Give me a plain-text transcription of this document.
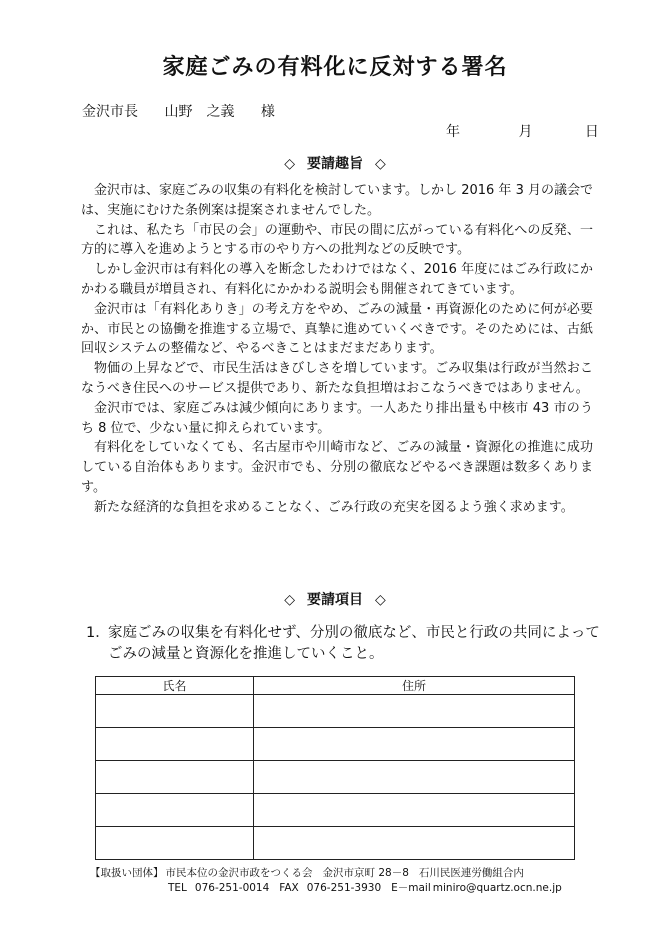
家庭ごみの有料化に反対する署名
金沢市長 山野　之義 様
年	月	日
◇ 要請趣旨 ◇

金沢市は、家庭ごみの収集の有料化を検討しています。しかし 2016 年 3 月の議会では、実施にむけた条例案は提案されませんでした。

これは、私たち「市民の会」の運動や、市民の間に広がっている有料化への反発、一方的に導入を進めようとする市のやり方への批判などの反映です。

しかし金沢市は有料化の導入を断念したわけではなく、2016 年度にはごみ行政にかかわる職員が増員され、有料化にかかわる説明会も開催されてきています。

金沢市は「有料化ありき」の考え方をやめ、ごみの減量・再資源化のために何が必要か、市民との協働を推進する立場で、真摯に進めていくべきです。そのためには、古紙回収システムの整備など、やるべきことはまだまだあります。

物価の上昇などで、市民生活はきびしさを増しています。ごみ収集は行政が当然おこなうべき住民へのサービス提供であり、新たな負担増はおこなうべきではありません。

金沢市では、家庭ごみは減少傾向にあります。一人あたり排出量も中核市 43 市のうち 8 位で、少ない量に抑えられています。

有料化をしていなくても、名古屋市や川崎市など、ごみの減量・資源化の推進に成功している自治体もあります。金沢市でも、分別の徹底などやるべき課題は数多くあります。

新たな経済的な負担を求めることなく、ごみ行政の充実を図るよう強く求めます。

◇ 要請項目 ◇
1．
家庭ごみの収集を有料化せず、分別の徹底など、市民と行政の共同によってごみの減量と資源化を推進していくこと。
氏名	住所

【取扱い団体】 市民本位の金沢市政をつくる会 金沢市京町 28－8 石川民医連労働組合内
TEL 076-251-0014 FAX 076-251-3930 E－mail miniro@quartz.ocn.ne.jp
